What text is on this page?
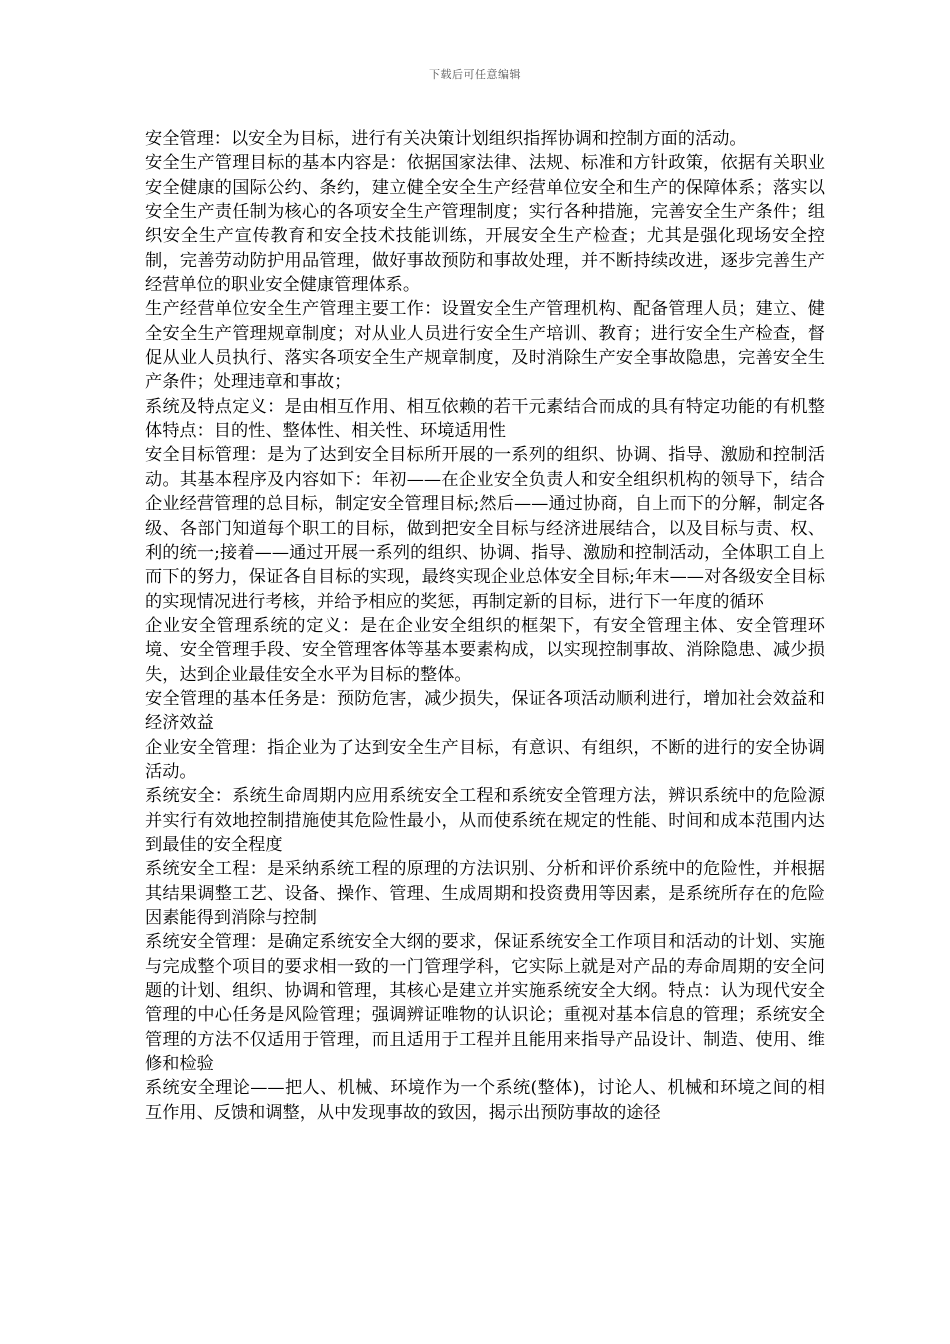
下载后可任意编辑

安全管理：以安全为目标，进行有关决策计划组织指挥协调和控制方面的活动。

安全生产管理目标的基本内容是：依据国家法律、法规、标准和方针政策，依据有关职业安全健康的国际公约、条约，建立健全安全生产经营单位安全和生产的保障体系；落实以安全生产责任制为核心的各项安全生产管理制度；实行各种措施，完善安全生产条件；组织安全生产宣传教育和安全技术技能训练，开展安全生产检查；尤其是强化现场安全控制，完善劳动防护用品管理，做好事故预防和事故处理，并不断持续改进，逐步完善生产经营单位的职业安全健康管理体系。

生产经营单位安全生产管理主要工作：设置安全生产管理机构、配备管理人员；建立、健全安全生产管理规章制度；对从业人员进行安全生产培训、教育；进行安全生产检查，督促从业人员执行、落实各项安全生产规章制度，及时消除生产安全事故隐患，完善安全生产条件；处理违章和事故；

系统及特点定义：是由相互作用、相互依赖的若干元素结合而成的具有特定功能的有机整体特点：目的性、整体性、相关性、环境适用性

安全目标管理：是为了达到安全目标所开展的一系列的组织、协调、指导、激励和控制活动。其基本程序及内容如下：年初——在企业安全负责人和安全组织机构的领导下，结合企业经营管理的总目标，制定安全管理目标;然后——通过协商，自上而下的分解，制定各级、各部门知道每个职工的目标，做到把安全目标与经济进展结合，以及目标与责、权、利的统一;接着——通过开展一系列的组织、协调、指导、激励和控制活动，全体职工自上而下的努力，保证各自目标的实现，最终实现企业总体安全目标;年末——对各级安全目标的实现情况进行考核，并给予相应的奖惩，再制定新的目标，进行下一年度的循环

企业安全管理系统的定义：是在企业安全组织的框架下，有安全管理主体、安全管理环境、安全管理手段、安全管理客体等基本要素构成，以实现控制事故、消除隐患、减少损失，达到企业最佳安全水平为目标的整体。

安全管理的基本任务是：预防危害，减少损失，保证各项活动顺利进行，增加社会效益和经济效益

企业安全管理：指企业为了达到安全生产目标，有意识、有组织，不断的进行的安全协调活动。

系统安全：系统生命周期内应用系统安全工程和系统安全管理方法，辨识系统中的危险源并实行有效地控制措施使其危险性最小，从而使系统在规定的性能、时间和成本范围内达到最佳的安全程度

系统安全工程：是采纳系统工程的原理的方法识别、分析和评价系统中的危险性，并根据其结果调整工艺、设备、操作、管理、生成周期和投资费用等因素，是系统所存在的危险因素能得到消除与控制

系统安全管理：是确定系统安全大纲的要求，保证系统安全工作项目和活动的计划、实施与完成整个项目的要求相一致的一门管理学科，它实际上就是对产品的寿命周期的安全问题的计划、组织、协调和管理，其核心是建立并实施系统安全大纲。特点：认为现代安全管理的中心任务是风险管理；强调辨证唯物的认识论；重视对基本信息的管理；系统安全管理的方法不仅适用于管理，而且适用于工程并且能用来指导产品设计、制造、使用、维修和检验

系统安全理论——把人、机械、环境作为一个系统(整体)，讨论人、机械和环境之间的相互作用、反馈和调整，从中发现事故的致因，揭示出预防事故的途径
